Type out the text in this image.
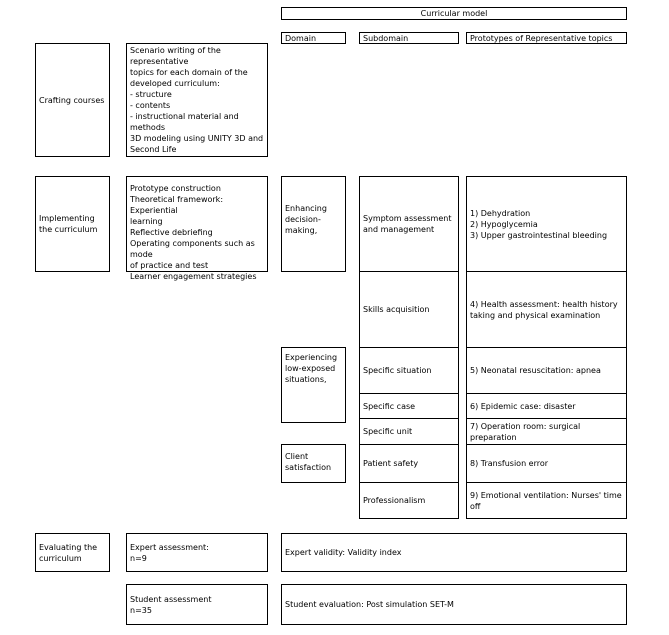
Curricular model
Domain	Subdomain	Prototypes of Representative topics
Crafting courses
Scenario writing of the representative
topics for each domain of the
developed curriculum:
- structure
- contents
- instructional material and methods
3D modeling using UNITY 3D and
Second Life
Implementing the curriculum
Prototype construction
Theoretical framework: Experiential
learning
Reflective debriefing
Operating components such as mode
of practice and test
Learner engagement strategies
Enhancing decision-making,
Experiencing low-exposed situations,
Client satisfaction
Symptom assessment and management
Skills acquisition
Specific situation
Specific case
Specific unit
Patient safety
Professionalism
1) Dehydration
2) Hypoglycemia
3) Upper gastrointestinal bleeding
4) Health assessment: health history taking and physical examination
5) Neonatal resuscitation: apnea
6) Epidemic case: disaster
7) Operation room: surgical preparation
8) Transfusion error
9) Emotional ventilation: Nurses' time off
Evaluating the curriculum
Expert assessment:
n=9
Expert validity: Validity index
Student assessment
n=35
Student evaluation: Post simulation SET-M
